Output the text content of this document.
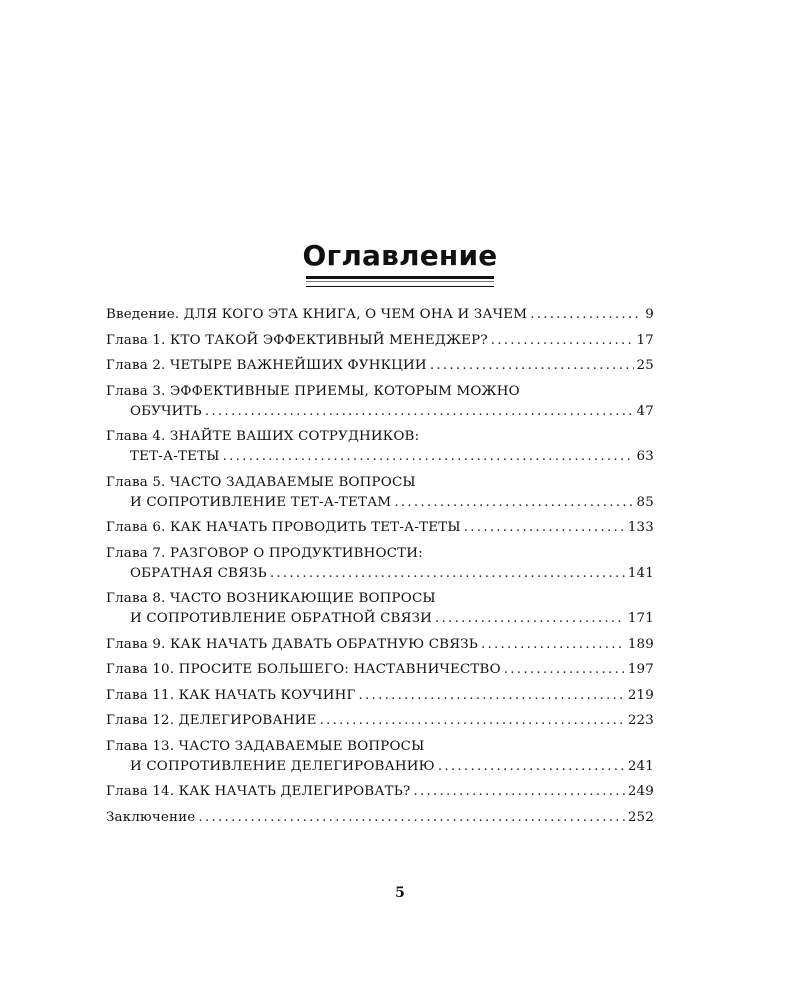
Оглавление
Введение. ДЛЯ КОГО ЭТА КНИГА, О ЧЕМ ОНА И ЗАЧЕМ . . .	9
Глава 1. КТО ТАКОЙ ЭФФЕКТИВНЫЙ МЕНЕДЖЕР? . . .	17
Глава 2. ЧЕТЫРЕ ВАЖНЕЙШИХ ФУНКЦИИ . . .	25
Глава 3. ЭФФЕКТИВНЫЕ ПРИЕМЫ, КОТОРЫМ МОЖНО
ОБУЧИТЬ . . .	47
Глава 4. ЗНАЙТЕ ВАШИХ СОТРУДНИКОВ:
ТЕТ-А-ТЕТЫ . . .	63
Глава 5. ЧАСТО ЗАДАВАЕМЫЕ ВОПРОСЫ
И СОПРОТИВЛЕНИЕ ТЕТ-А-ТЕТАМ . . .	85
Глава 6. КАК НАЧАТЬ ПРОВОДИТЬ ТЕТ-А-ТЕТЫ . . .	133
Глава 7. РАЗГОВОР О ПРОДУКТИВНОСТИ:
ОБРАТНАЯ СВЯЗЬ . . .	141
Глава 8. ЧАСТО ВОЗНИКАЮЩИЕ ВОПРОСЫ
И СОПРОТИВЛЕНИЕ ОБРАТНОЙ СВЯЗИ . . .	171
Глава 9. КАК НАЧАТЬ ДАВАТЬ ОБРАТНУЮ СВЯЗЬ . . .	189
Глава 10. ПРОСИТЕ БОЛЬШЕГО: НАСТАВНИЧЕСТВО . . .	197
Глава 11. КАК НАЧАТЬ КОУЧИНГ . . .	219
Глава 12. ДЕЛЕГИРОВАНИЕ . . .	223
Глава 13. ЧАСТО ЗАДАВАЕМЫЕ ВОПРОСЫ
И СОПРОТИВЛЕНИЕ ДЕЛЕГИРОВАНИЮ . . .	241
Глава 14. КАК НАЧАТЬ ДЕЛЕГИРОВАТЬ? . . .	249
Заключение . . .	252
5
